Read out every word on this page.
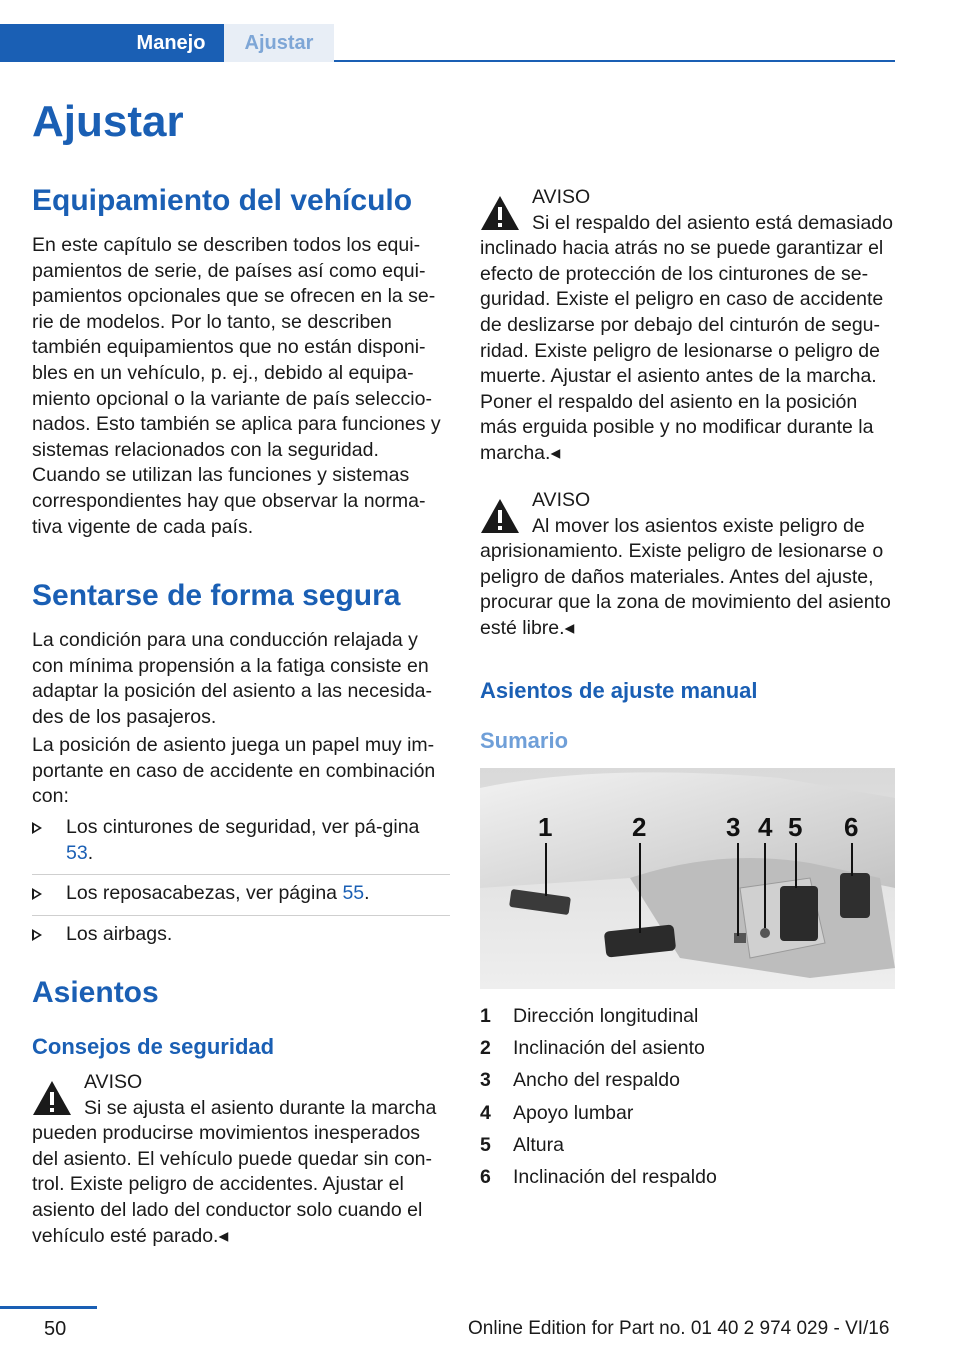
Manejo	Ajustar
Ajustar
Equipamiento del vehículo

En este capítulo se describen todos los equi‐pamientos de serie, de países así como equi‐pamientos opcionales que se ofrecen en la se‐rie de modelos. Por lo tanto, se describen también equipamientos que no están disponi‐bles en un vehículo, p. ej., debido al equipa‐miento opcional o la variante de país seleccio‐nados. Esto también se aplica para funciones y sistemas relacionados con la seguridad. Cuando se utilizan las funciones y sistemas correspondientes hay que observar la norma‐tiva vigente de cada país.

Sentarse de forma segura

La condición para una conducción relajada y con mínima propensión a la fatiga consiste en adaptar la posición del asiento a las necesida‐des de los pasajeros.

La posición de asiento juega un papel muy im‐portante en caso de accidente en combinación con:

Los cinturones de seguridad, ver pá‐gina 53.
Los reposacabezas, ver página 55.
Los airbags.
Asientos
Consejos de seguridad
AVISO
Si se ajusta el asiento durante la marcha
pueden producirse movimientos inesperados del asiento. El vehículo puede quedar sin con‐trol. Existe peligro de accidentes. Ajustar el asiento del lado del conductor solo cuando el vehículo esté parado.◂
AVISO
Si el respaldo del asiento está demasiado
inclinado hacia atrás no se puede garantizar el efecto de protección de los cinturones de se‐guridad. Existe el peligro en caso de accidente de deslizarse por debajo del cinturón de segu‐ridad. Existe peligro de lesionarse o peligro de muerte. Ajustar el asiento antes de la marcha. Poner el respaldo del asiento en la posición más erguida posible y no modificar durante la marcha.◂
AVISO
Al mover los asientos existe peligro de
aprisionamiento. Existe peligro de lesionarse o peligro de daños materiales. Antes del ajuste, procurar que la zona de movimiento del asiento esté libre.◂
Asientos de ajuste manual
Sumario
1	2	3 4 5 6
1	Dirección longitudinal
2	Inclinación del asiento
3	Ancho del respaldo
4	Apoyo lumbar
5	Altura
6	Inclinación del respaldo
50	Online Edition for Part no. 01 40 2 974 029 - VI/16
